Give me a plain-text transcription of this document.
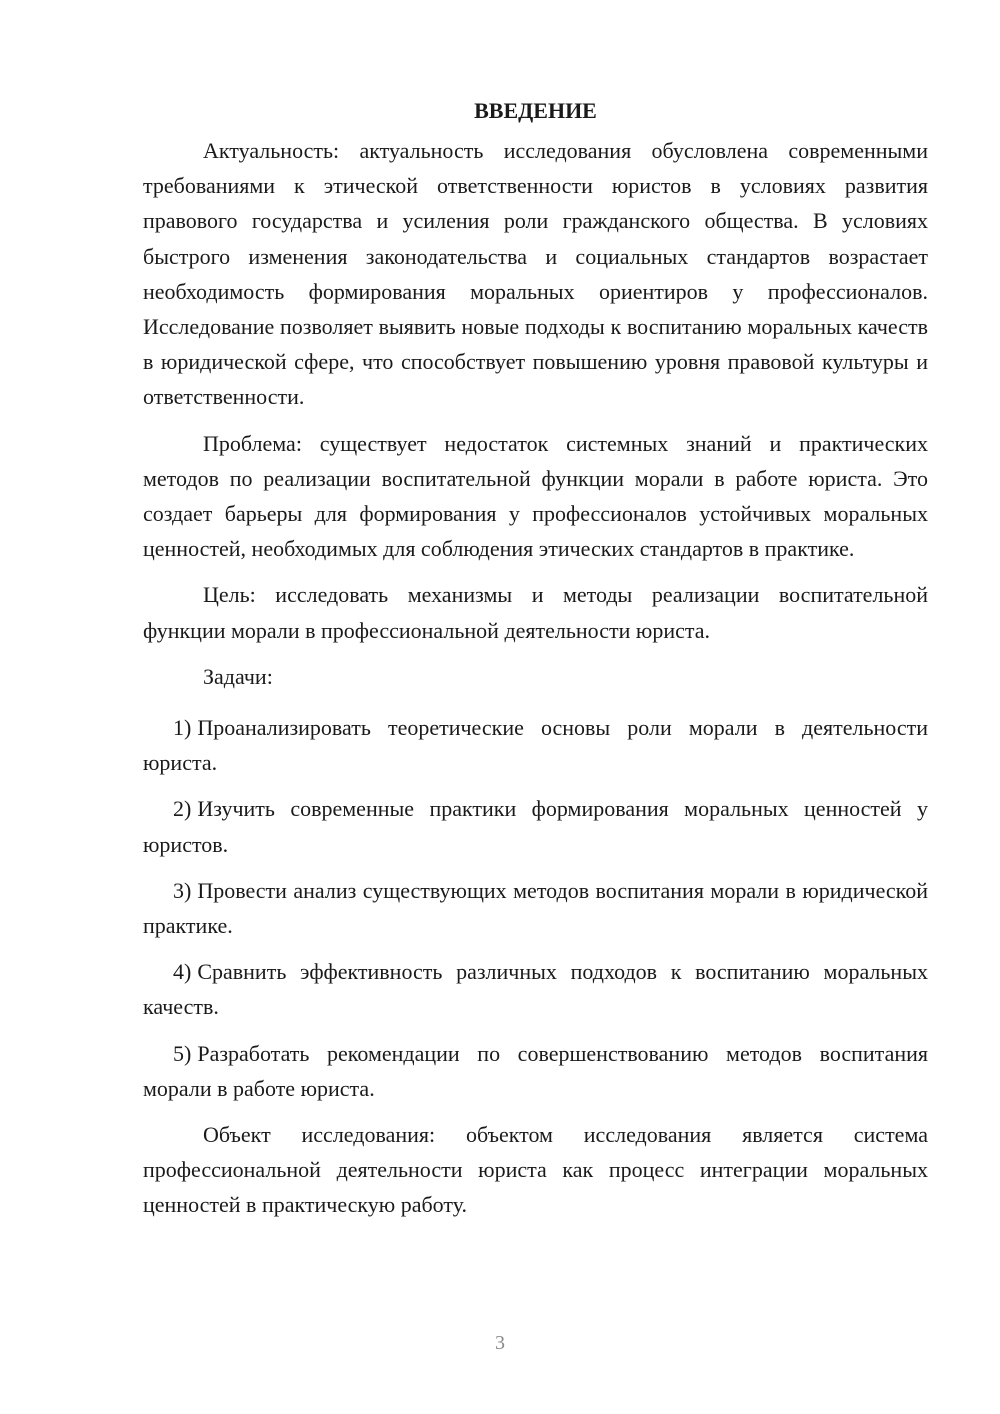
ВВЕДЕНИЕ

Актуальность: актуальность исследования обусловлена современными требованиями к этической ответственности юристов в условиях развития правового государства и усиления роли гражданского общества. В условиях быстрого изменения законодательства и социальных стандартов возрастает необходимость формирования моральных ориентиров у профессионалов. Исследование позволяет выявить новые подходы к воспитанию моральных качеств в юридической сфере, что способствует повышению уровня правовой культуры и ответственности.

Проблема: существует недостаток системных знаний и практических методов по реализации воспитательной функции морали в работе юриста. Это создает барьеры для формирования у профессионалов устойчивых моральных ценностей, необходимых для соблюдения этических стандартов в практике.

Цель: исследовать механизмы и методы реализации воспитательной функции морали в профессиональной деятельности юриста.

Задачи:

1) Проанализировать теоретические основы роли морали в деятельности юриста.

2) Изучить современные практики формирования моральных ценностей у юристов.

3) Провести анализ существующих методов воспитания морали в юридической практике.

4) Сравнить эффективность различных подходов к воспитанию моральных качеств.

5) Разработать рекомендации по совершенствованию методов воспитания морали в работе юриста.

Объект исследования: объектом исследования является система профессиональной деятельности юриста как процесс интеграции моральных ценностей в практическую работу.

3
